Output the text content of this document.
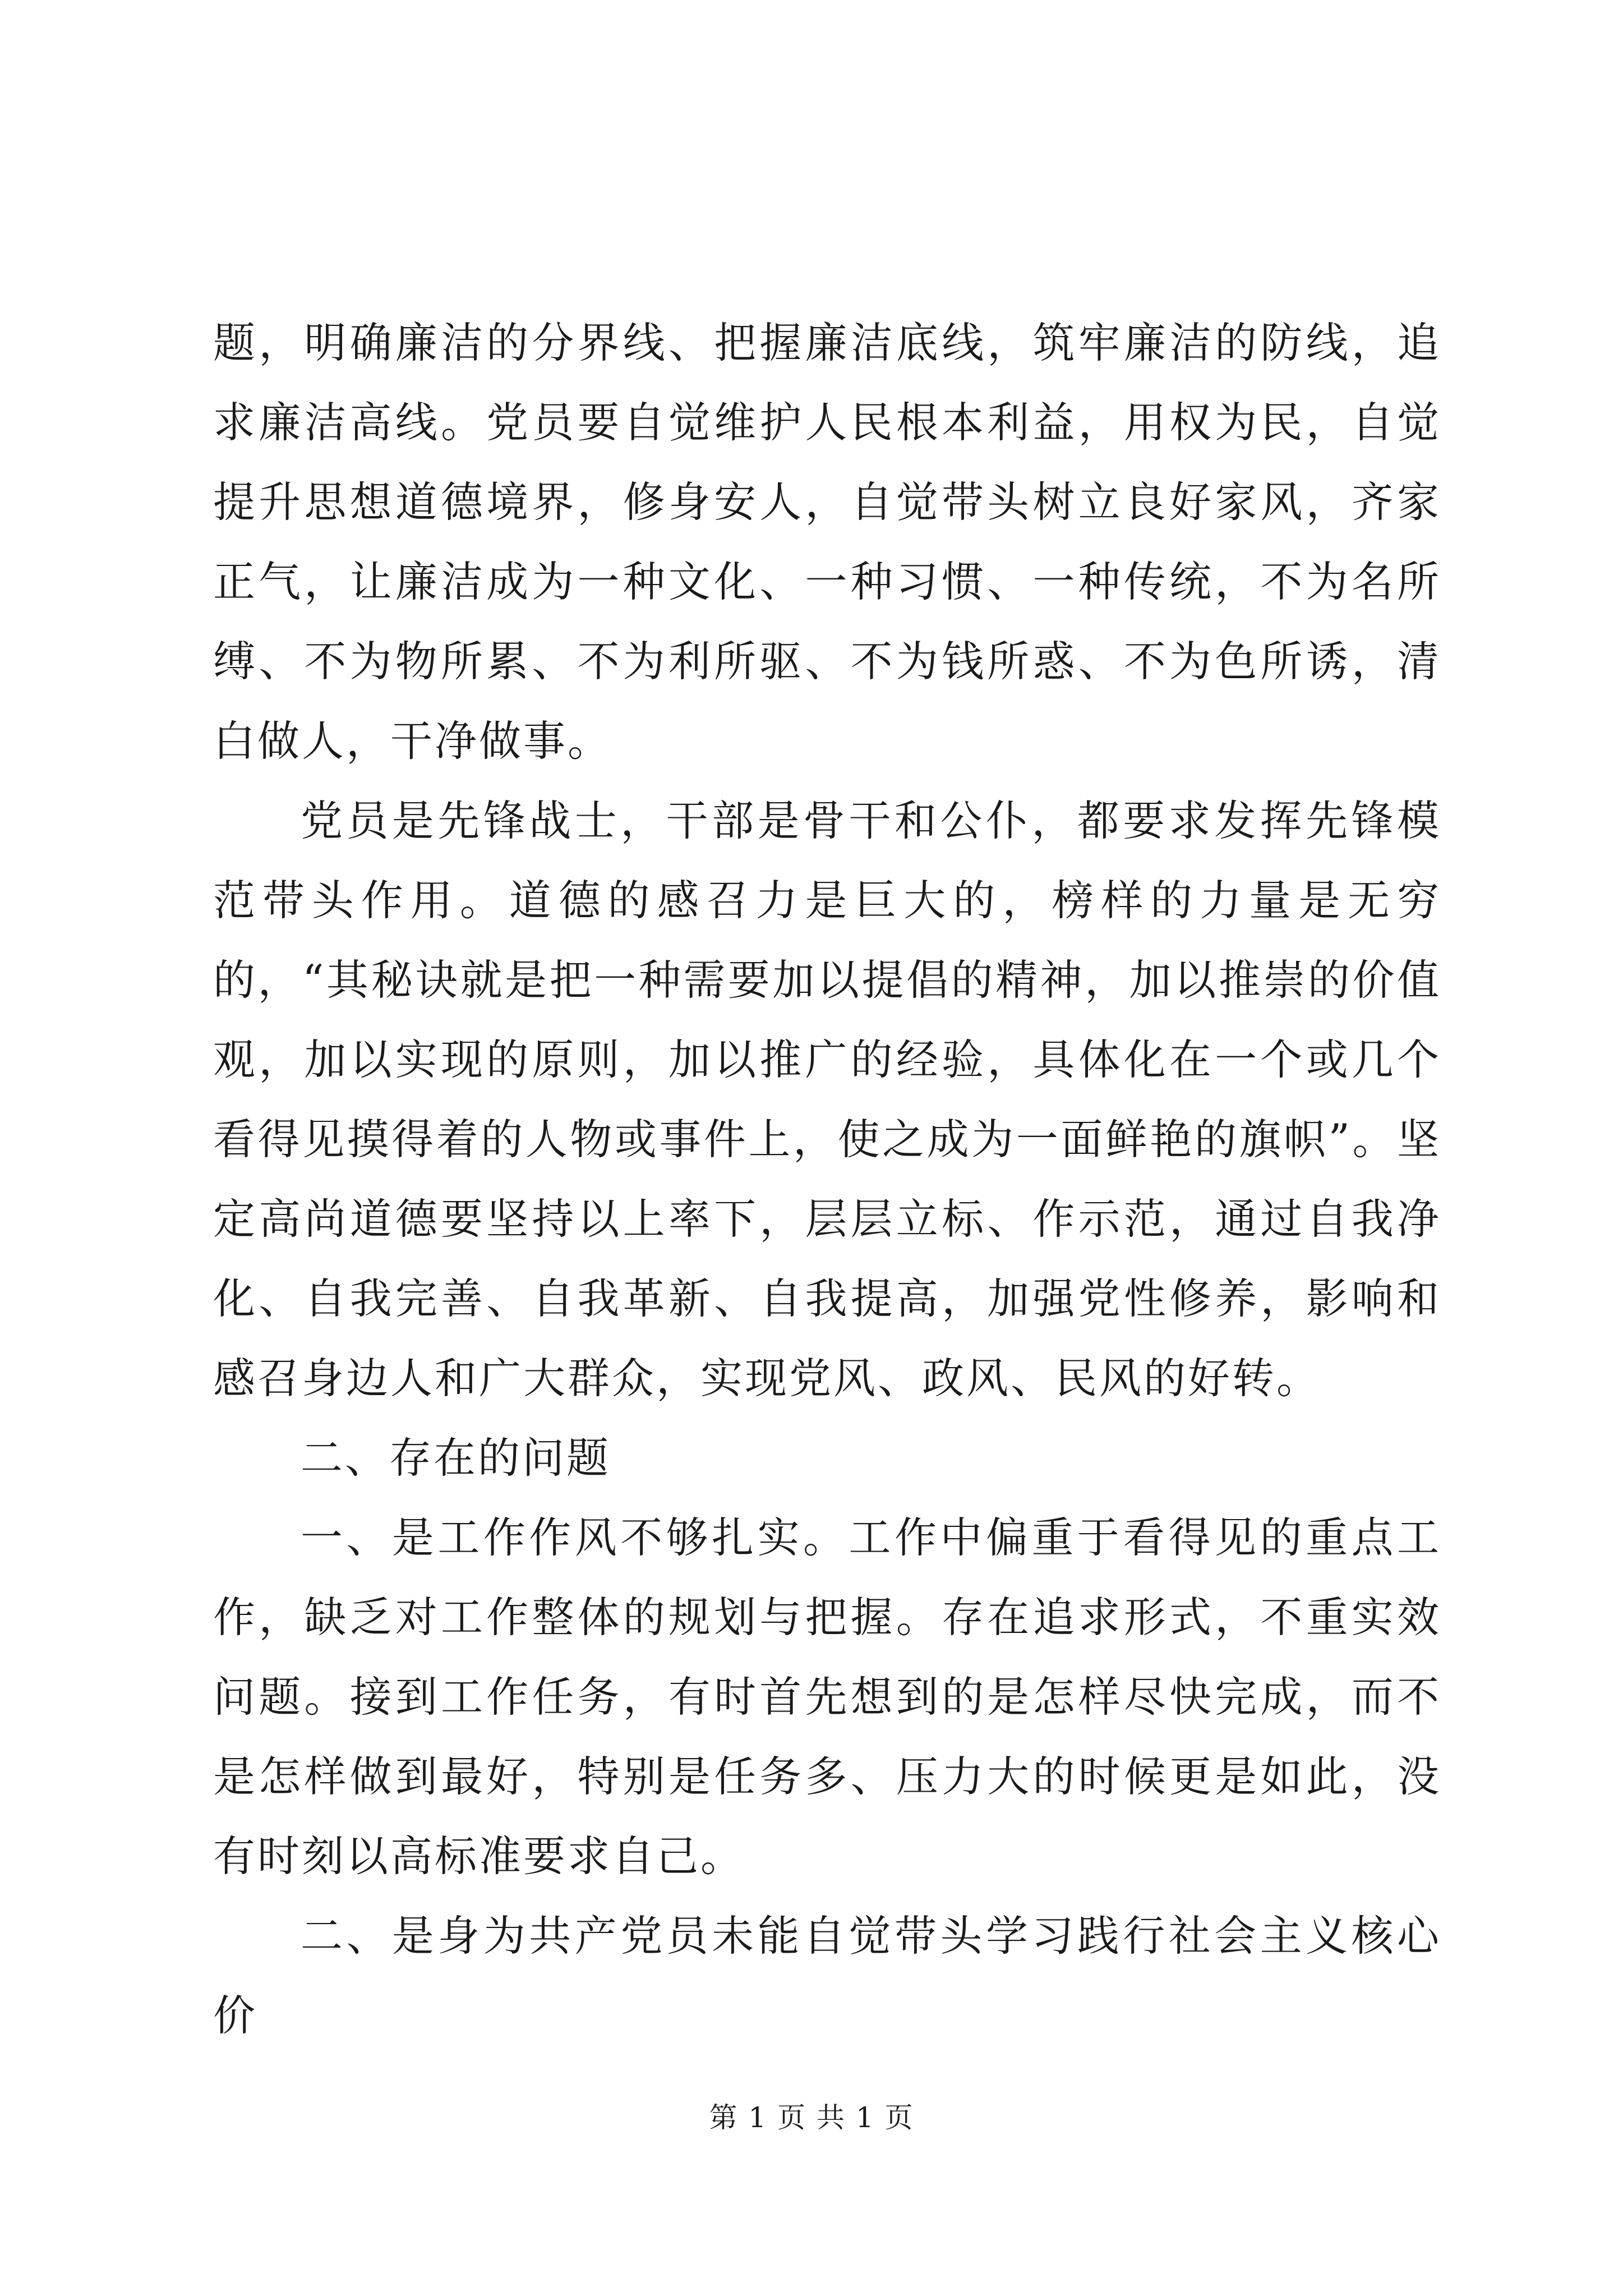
题，明确廉洁的分界线、把握廉洁底线，筑牢廉洁的防线，追求廉洁高线。党员要自觉维护人民根本利益，用权为民，自觉提升思想道德境界，修身安人，自觉带头树立良好家风，齐家正气，让廉洁成为一种文化、一种习惯、一种传统，不为名所缚、不为物所累、不为利所驱、不为钱所惑、不为色所诱，清白做人，干净做事。

党员是先锋战士，干部是骨干和公仆，都要求发挥先锋模范带头作用。道德的感召力是巨大的，榜样的力量是无穷的，“其秘诀就是把一种需要加以提倡的精神，加以推崇的价值观，加以实现的原则，加以推广的经验，具体化在一个或几个看得见摸得着的人物或事件上，使之成为一面鲜艳的旗帜”。坚定高尚道德要坚持以上率下，层层立标、作示范，通过自我净化、自我完善、自我革新、自我提高，加强党性修养，影响和感召身边人和广大群众，实现党风、政风、民风的好转。

二、存在的问题

一、是工作作风不够扎实。工作中偏重于看得见的重点工作，缺乏对工作整体的规划与把握。存在追求形式，不重实效问题。接到工作任务，有时首先想到的是怎样尽快完成，而不是怎样做到最好，特别是任务多、压力大的时候更是如此，没有时刻以高标准要求自己。

二、是身为共产党员未能自觉带头学习践行社会主义核心价

第 1 页 共 1 页
